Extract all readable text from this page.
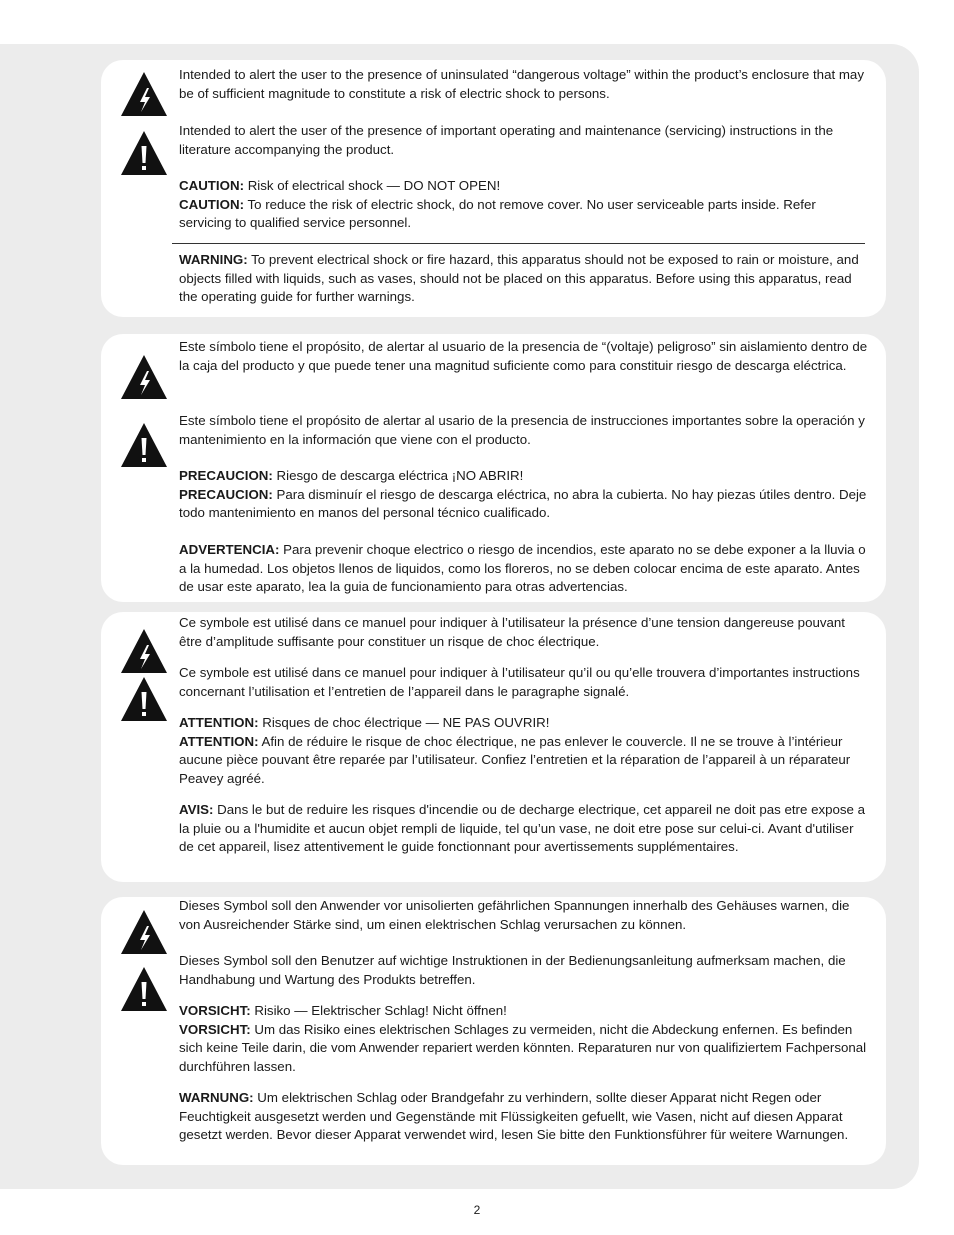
Intended to alert the user to the presence of uninsulated “dangerous voltage” within the product’s enclosure that may be of sufficient magnitude to constitute a risk of electric shock to persons.

Intended to alert the user of the presence of important operating and maintenance (servicing) instructions in the literature accompanying the product.

CAUTION: Risk of electrical shock — DO NOT OPEN!
CAUTION: To reduce the risk of electric shock, do not remove cover. No user serviceable parts inside. Refer servicing to qualified service personnel.

WARNING: To prevent electrical shock or fire hazard, this apparatus should not be exposed to rain or moisture, and objects filled with liquids, such as vases, should not be placed on this apparatus. Before using this apparatus, read the operating guide for further warnings.

Este símbolo tiene el propósito, de alertar al usuario de la presencia de “(voltaje) peligroso” sin aislamiento dentro de la caja del producto y que puede tener una magnitud suficiente como para constituir riesgo de descarga eléctrica.

Este símbolo tiene el propósito de alertar al usario de la presencia de instrucciones importantes sobre la operación y mantenimiento en la información que viene con el producto.

PRECAUCION: Riesgo de descarga eléctrica ¡NO ABRIR!
PRECAUCION: Para disminuír el riesgo de descarga eléctrica, no abra la cubierta. No hay piezas útiles dentro. Deje todo mantenimiento en manos del personal técnico cualificado.

ADVERTENCIA: Para prevenir choque electrico o riesgo de incendios, este aparato no se debe exponer a la lluvia o a la humedad. Los objetos llenos de liquidos, como los floreros, no se deben colocar encima de este aparato. Antes de usar este aparato, lea la guia de funcionamiento para otras advertencias.

Ce symbole est utilisé dans ce manuel pour indiquer à l’utilisateur la présence d’une tension dangereuse pouvant être d’amplitude suffisante pour constituer un risque de choc électrique.

Ce symbole est utilisé dans ce manuel pour indiquer à l’utilisateur qu’il ou qu’elle trouvera d’importantes instructions concernant l’utilisation et l’entretien de l’appareil dans le paragraphe signalé.

ATTENTION: Risques de choc électrique — NE PAS OUVRIR!
ATTENTION: Afin de réduire le risque de choc électrique, ne pas enlever le couvercle. Il ne se trouve à l’intérieur aucune pièce pouvant être reparée par l’utilisateur. Confiez l’entretien et la réparation de l’appareil à un réparateur Peavey agréé.

AVIS: Dans le but de reduire les risques d'incendie ou de decharge electrique, cet appareil ne doit pas etre expose a la pluie ou a l'humidite et aucun objet rempli de liquide, tel qu’un vase, ne doit etre pose sur celui-ci. Avant d'utiliser de cet appareil, lisez attentivement le guide fonctionnant pour avertissements supplémentaires.

Dieses Symbol soll den Anwender vor unisolierten gefährlichen Spannungen innerhalb des Gehäuses warnen, die von Ausreichender Stärke sind, um einen elektrischen Schlag verursachen zu können.

Dieses Symbol soll den Benutzer auf wichtige Instruktionen in der Bedienungsanleitung aufmerksam machen, die Handhabung und Wartung des Produkts betreffen.

VORSICHT: Risiko — Elektrischer Schlag! Nicht öffnen!
VORSICHT: Um das Risiko eines elektrischen Schlages zu vermeiden, nicht die Abdeckung enfernen. Es befinden sich keine Teile darin, die vom Anwender repariert werden könnten. Reparaturen nur von qualifiziertem Fachpersonal durchführen lassen.

WARNUNG: Um elektrischen Schlag oder Brandgefahr zu verhindern, sollte dieser Apparat nicht Regen oder Feuchtigkeit ausgesetzt werden und Gegenstände mit Flüssigkeiten gefuellt, wie Vasen, nicht auf diesen Apparat gesetzt werden. Bevor dieser Apparat verwendet wird, lesen Sie bitte den Funktionsführer für weitere Warnungen.

2
